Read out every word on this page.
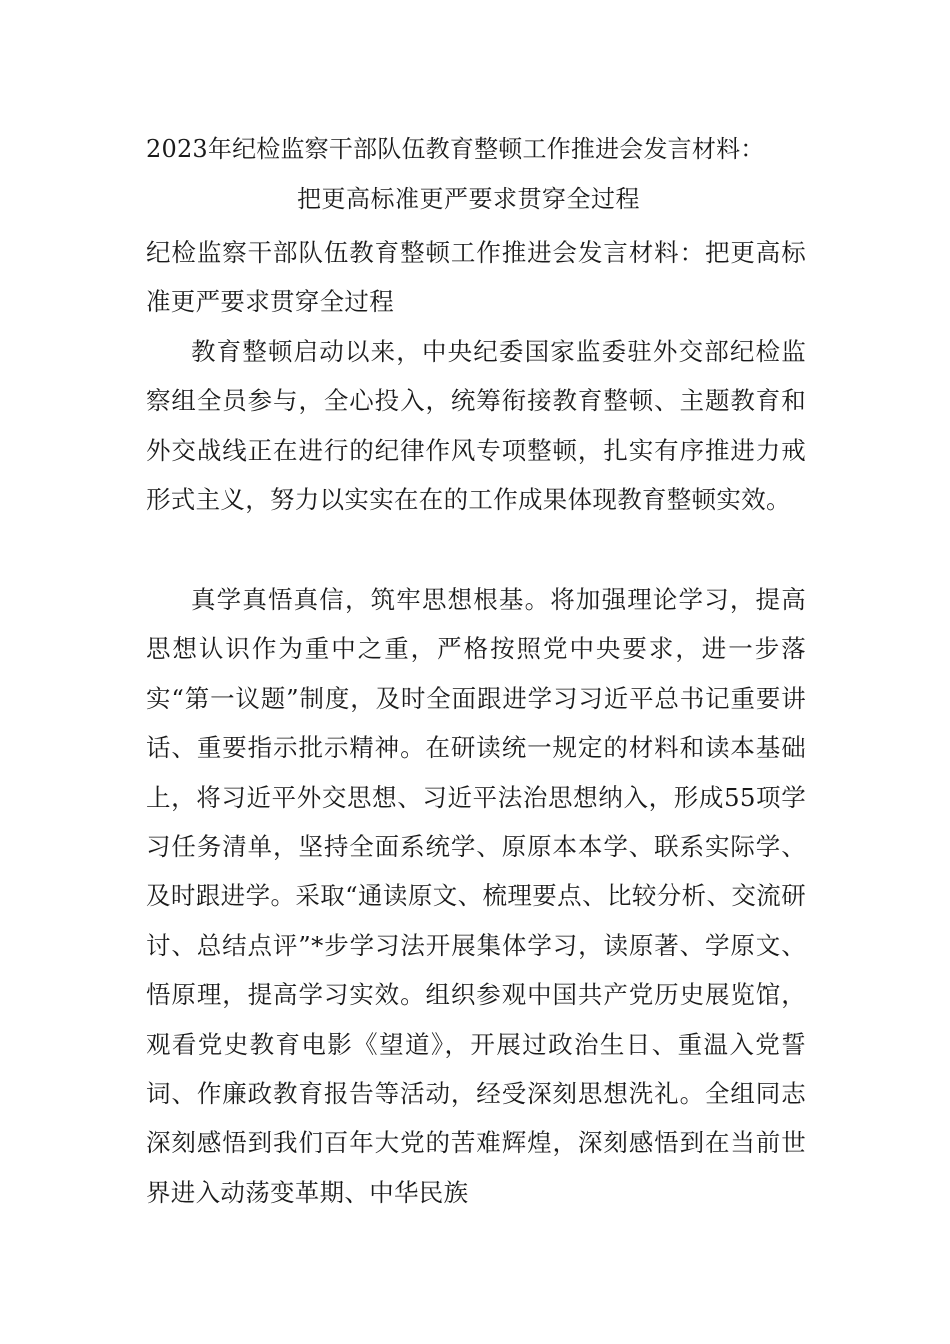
2023年纪检监察干部队伍教育整顿工作推进会发言材料：
把更高标准更严要求贯穿全过程
纪检监察干部队伍教育整顿工作推进会发言材料：把更高标准更严要求贯穿全过程

教育整顿启动以来，中央纪委国家监委驻外交部纪检监察组全员参与，全心投入，统筹衔接教育整顿、主题教育和外交战线正在进行的纪律作风专项整顿，扎实有序推进力戒形式主义，努力以实实在在的工作成果体现教育整顿实效。

真学真悟真信，筑牢思想根基。将加强理论学习，提高思想认识作为重中之重，严格按照党中央要求，进一步落实“第一议题”制度，及时全面跟进学习习近平总书记重要讲话、重要指示批示精神。在研读统一规定的材料和读本基础上，将习近平外交思想、习近平法治思想纳入，形成55项学习任务清单，坚持全面系统学、原原本本学、联系实际学、及时跟进学。采取“通读原文、梳理要点、比较分析、交流研讨、总结点评”*步学习法开展集体学习，读原著、学原文、悟原理，提高学习实效。组织参观中国共产党历史展览馆，观看党史教育电影《望道》，开展过政治生日、重温入党誓词、作廉政教育报告等活动，经受深刻思想洗礼。全组同志深刻感悟到我们百年大党的苦难辉煌，深刻感悟到在当前世界进入动荡变革期、中华民族
